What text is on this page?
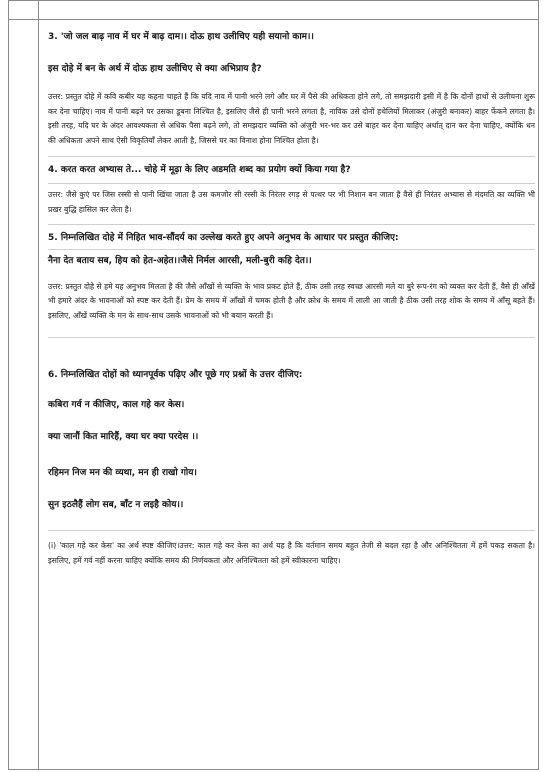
3. 'जो जल बाढ़ नाव में घर में बाढ़ दाम।। दोऊ हाथ उलीचिए यही सयानो काम।।

इस दोहे में बन के अर्थ में दोऊ हाथ उलीचिए से क्या अभिप्राय है?

उत्तर: प्रस्तुत दोहे में कवि कबीर यह कहना चाहते हैं कि यदि नाव में पानी भरने लगे और घर में पैसे की अधिकता होने लगे, तो समझदारी इसी में है कि दोनों हाथों से उलीचना शुरू कर देना चाहिए। नाव में पानी बढ़ने पर उसका डूबना निश्चित है, इसलिए जैसे ही पानी भरने लगता है, नाविक उसे दोनों हथेलियों मिलाकर (अंजुरी बनाकर) बाहर फेंकने लगता है। इसी तरह, यदि घर के अंदर आवश्यकता से अधिक पैसा बढ़ने लगे, तो समझदार व्यक्ति को अंजुरी भर-भर कर उसे बाहर कर देना चाहिए अर्थात् दान कर देना चाहिए, क्योंकि धन की अधिकता अपने साथ ऐसी विकृतियाँ लेकर आती है, जिससे घर का विनाश होना निश्चित होता है।

4. करत करत अभ्यास ते... चोहे में मूढ़ा के लिए अडमति शब्द का प्रयोग क्यों किया गया है?

उत्तर: जैसे कुएं पर जिस रस्सी से पानी खिंचा जाता है उस कमजोर सी रस्सी के निरंतर रगड़ से पत्थर पर भी निशान बन जाता है वैसे ही निरंतर अभ्यास से मंदमति का व्यक्ति भी प्रखर बुद्धि हासिल कर लेता है।

5. निम्नलिखित दोहे में निहित भाव-सौंदर्य का उल्लेख करते हुए अपने अनुभव के आधार पर प्रस्तुत कीजिए:

नैना देत बताय सब, हिय को हेत-अहेत।।जैसे निर्मल आरसी, मली-बुरी कहि देत।।

उत्तर: प्रस्तुत दोहे से हमे यह अनुभव मिलता है की जैसे आँखों से व्यक्ति के भाव प्रकट होते हैं, ठीक उसी तरह स्वच्छ आरसी मले या बुरे रूप-रंग को व्यक्त कर देती हैं, वैसे ही आँखें भी हमारे अंदर के भावनाओं को स्पष्ट कर देती हैं। प्रेम के समय में आँखों में चमक होती है और क्रोध के समय में लाली आ जाती है ठीक उसी तरह शोक के समय में आँसू बहते हैं। इसलिए, आँखें व्यक्ति के मन के साथ-साथ उसके भावनाओं को भी बयान करती हैं।

6. निम्नलिखित दोहों को ध्यानपूर्वक पढ़िए और पूछे गए प्रश्नों के उत्तर दीजिए:

कबिरा गर्व न कीजिए, काल गहे कर केस।

क्या जानौं कित मारिहैं, क्या घर क्या परदेस ।।

रहिमन निज मन की व्यथा, मन ही राखो गोय।

सुन इठलैहैं लोग सब, बाँट न लइहै कोय।।

(i) 'काल गहे कर केस' का अर्थ स्पष्ट कीजिए।उत्तर: काल गहे कर केस का अर्थ यह है कि वर्तमान समय बहुत तेजी से बदल रहा है और अनिश्चितता में हमें पकड़ सकता है। इसलिए, हमें गर्व नहीं करना चाहिए क्योंकि समय की निर्णयकता और अनिश्चितता को हमें स्वीकारना चाहिए।
